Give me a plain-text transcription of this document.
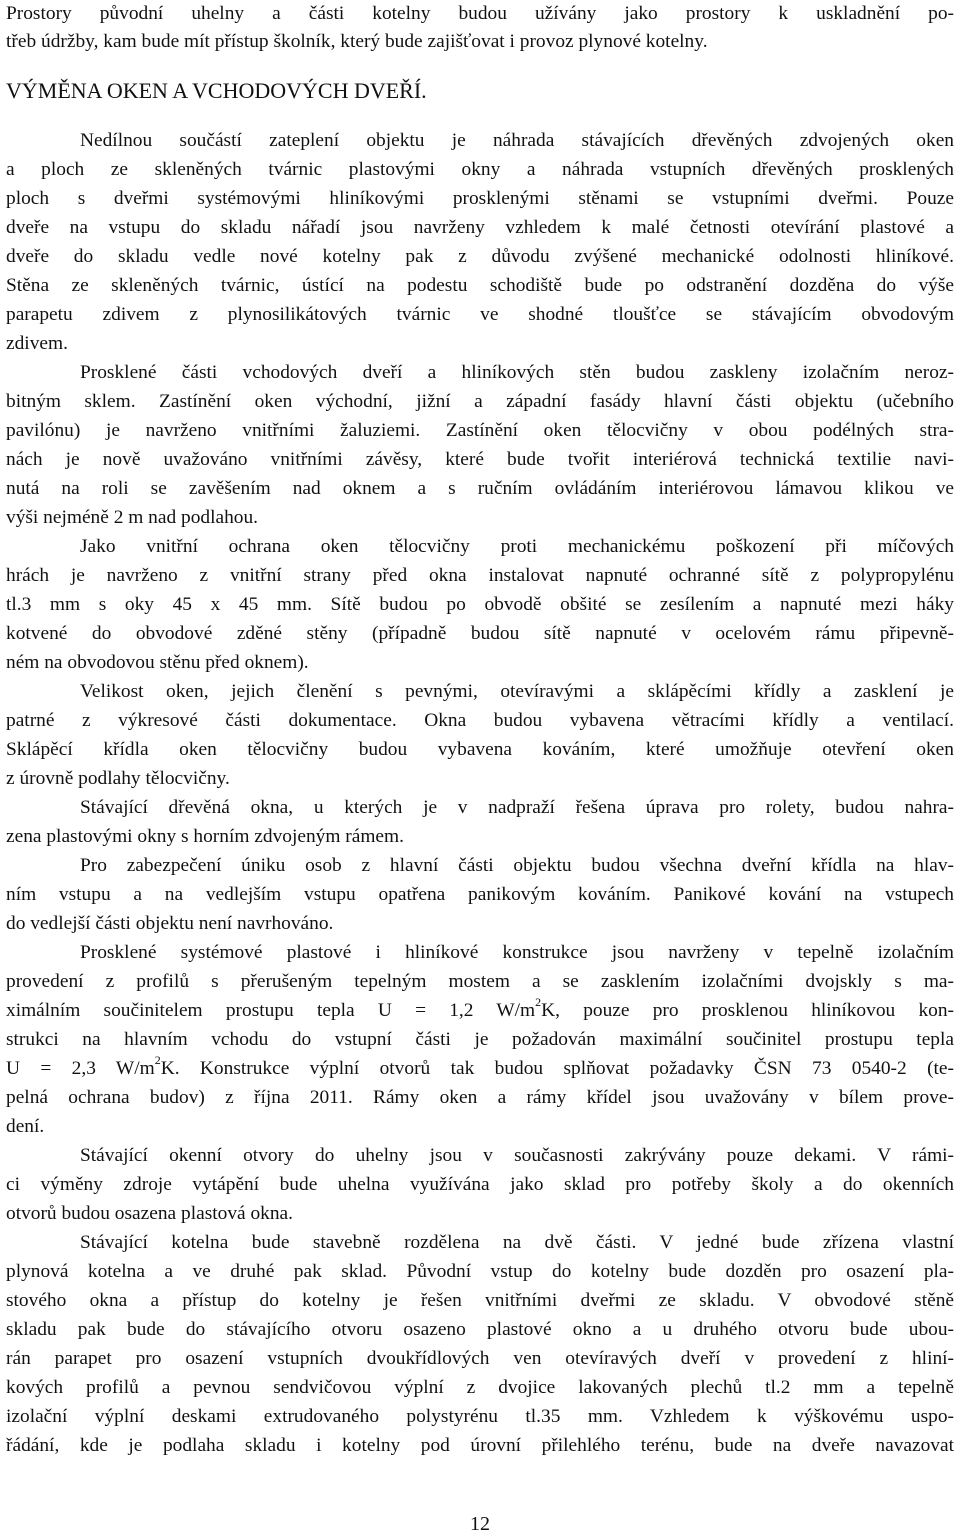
Prostory původní uhelny a části kotelny budou užívány jako prostory k uskladnění po-
třeb údržby, kam bude mít přístup školník, který bude zajišťovat i provoz plynové kotelny.
VÝMĚNA OKEN A VCHODOVÝCH DVEŘÍ.
Nedílnou součástí zateplení objektu je náhrada stávajících dřevěných zdvojených oken
a ploch ze skleněných tvárnic plastovými okny a náhrada vstupních dřevěných prosklených
ploch s dveřmi systémovými hliníkovými prosklenými stěnami se vstupními dveřmi. Pouze
dveře na vstupu do skladu nářadí jsou navrženy vzhledem k malé četnosti otevírání plastové a
dveře do skladu vedle nové kotelny pak z důvodu zvýšené mechanické odolnosti hliníkové.
Stěna ze skleněných tvárnic, ústící na podestu schodiště bude po odstranění dozděna do výše
parapetu zdivem z plynosilikátových tvárnic ve shodné tloušťce se stávajícím obvodovým
zdivem.
Prosklené části vchodových dveří a hliníkových stěn budou zaskleny izolačním neroz-
bitným sklem. Zastínění oken východní, jižní a západní fasády hlavní části objektu (učebního
pavilónu) je navrženo vnitřními žaluziemi. Zastínění oken tělocvičny v obou podélných stra-
nách je nově uvažováno vnitřními závěsy, které bude tvořit interiérová technická textilie navi-
nutá na roli se zavěšením nad oknem a s ručním ovládáním interiérovou lámavou klikou ve
výši nejméně 2 m nad podlahou.
Jako vnitřní ochrana oken tělocvičny proti mechanickému poškození při míčových
hrách je navrženo z vnitřní strany před okna instalovat napnuté ochranné sítě z polypropylénu
tl.3 mm s oky 45 x 45 mm. Sítě budou po obvodě obšité se zesílením a napnuté mezi háky
kotvené do obvodové zděné stěny (případně budou sítě napnuté v ocelovém rámu připevně-
ném na obvodovou stěnu před oknem).
Velikost oken, jejich členění s pevnými, otevíravými a sklápěcími křídly a zasklení je
patrné z výkresové části dokumentace. Okna budou vybavena větracími křídly a ventilací.
Sklápěcí křídla oken tělocvičny budou vybavena kováním, které umožňuje otevření oken
z úrovně podlahy tělocvičny.
Stávající dřevěná okna, u kterých je v nadpraží řešena úprava pro rolety, budou nahra-
zena plastovými okny s horním zdvojeným rámem.
Pro zabezpečení úniku osob z hlavní části objektu budou všechna dveřní křídla na hlav-
ním vstupu a na vedlejším vstupu opatřena panikovým kováním. Panikové kování na vstupech
do vedlejší části objektu není navrhováno.
Prosklené systémové plastové i hliníkové konstrukce jsou navrženy v tepelně izolačním
provedení z profilů s přerušeným tepelným mostem a se zasklením izolačními dvojskly s ma-
ximálním součinitelem prostupu tepla U = 1,2 $W/m^2K$, pouze pro prosklenou hliníkovou kon-
strukci na hlavním vchodu do vstupní části je požadován maximální součinitel prostupu tepla
U = 2,3 $W/m^2K$. Konstrukce výplní otvorů tak budou splňovat požadavky ČSN 73 0540-2 (te-
pelná ochrana budov) z října 2011. Rámy oken a rámy křídel jsou uvažovány v bílem prove-
dení.
Stávající okenní otvory do uhelny jsou v současnosti zakrývány pouze dekami. V rámi-
ci výměny zdroje vytápění bude uhelna využívána jako sklad pro potřeby školy a do okenních
otvorů budou osazena plastová okna.
Stávající kotelna bude stavebně rozdělena na dvě části. V jedné bude zřízena vlastní
plynová kotelna a ve druhé pak sklad. Původní vstup do kotelny bude dozděn pro osazení pla-
stového okna a přístup do kotelny je řešen vnitřními dveřmi ze skladu. V obvodové stěně
skladu pak bude do stávajícího otvoru osazeno plastové okno a u druhého otvoru bude ubou-
rán parapet pro osazení vstupních dvoukřídlových ven otevíravých dveří v provedení z hliní-
kových profilů a pevnou sendvičovou výplní z dvojice lakovaných plechů tl.2 mm a tepelně
izolační výplní deskami extrudovaného polystyrénu tl.35 mm. Vzhledem k výškovému uspo-
řádání, kde je podlaha skladu i kotelny pod úrovní přilehlého terénu, bude na dveře navazovat
12
